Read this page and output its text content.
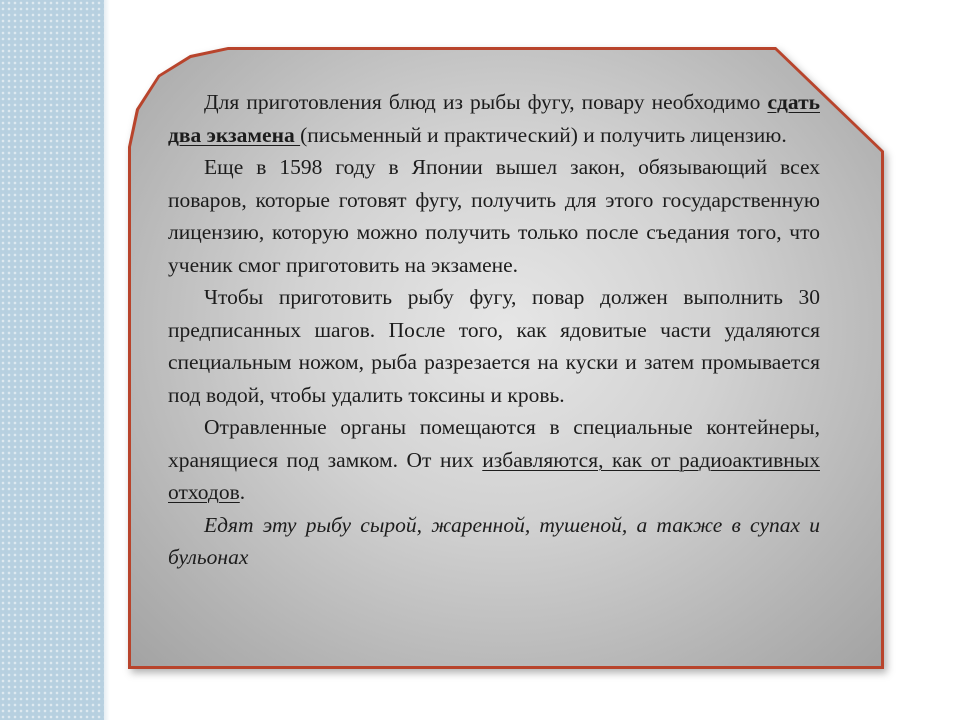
Для приготовления блюд из рыбы фугу, повару необходимо сдать два экзамена (письменный и практический) и получить лицензию.

Еще в 1598 году в Японии вышел закон, обязывающий всех поваров, которые готовят фугу, получить для этого государственную лицензию, которую можно получить только после съедания того, что ученик смог приготовить на экзамене.

Чтобы приготовить рыбу фугу, повар должен выполнить 30 предписанных шагов. После того, как ядовитые части удаляются специальным ножом, рыба разрезается на куски и затем промывается под водой, чтобы удалить токсины и кровь.

Отравленные органы помещаются в специальные контейнеры, хранящиеся под замком. От них избавляются, как от радиоактивных отходов.

Едят эту рыбу сырой, жаренной, тушеной, а также в супах и бульонах
